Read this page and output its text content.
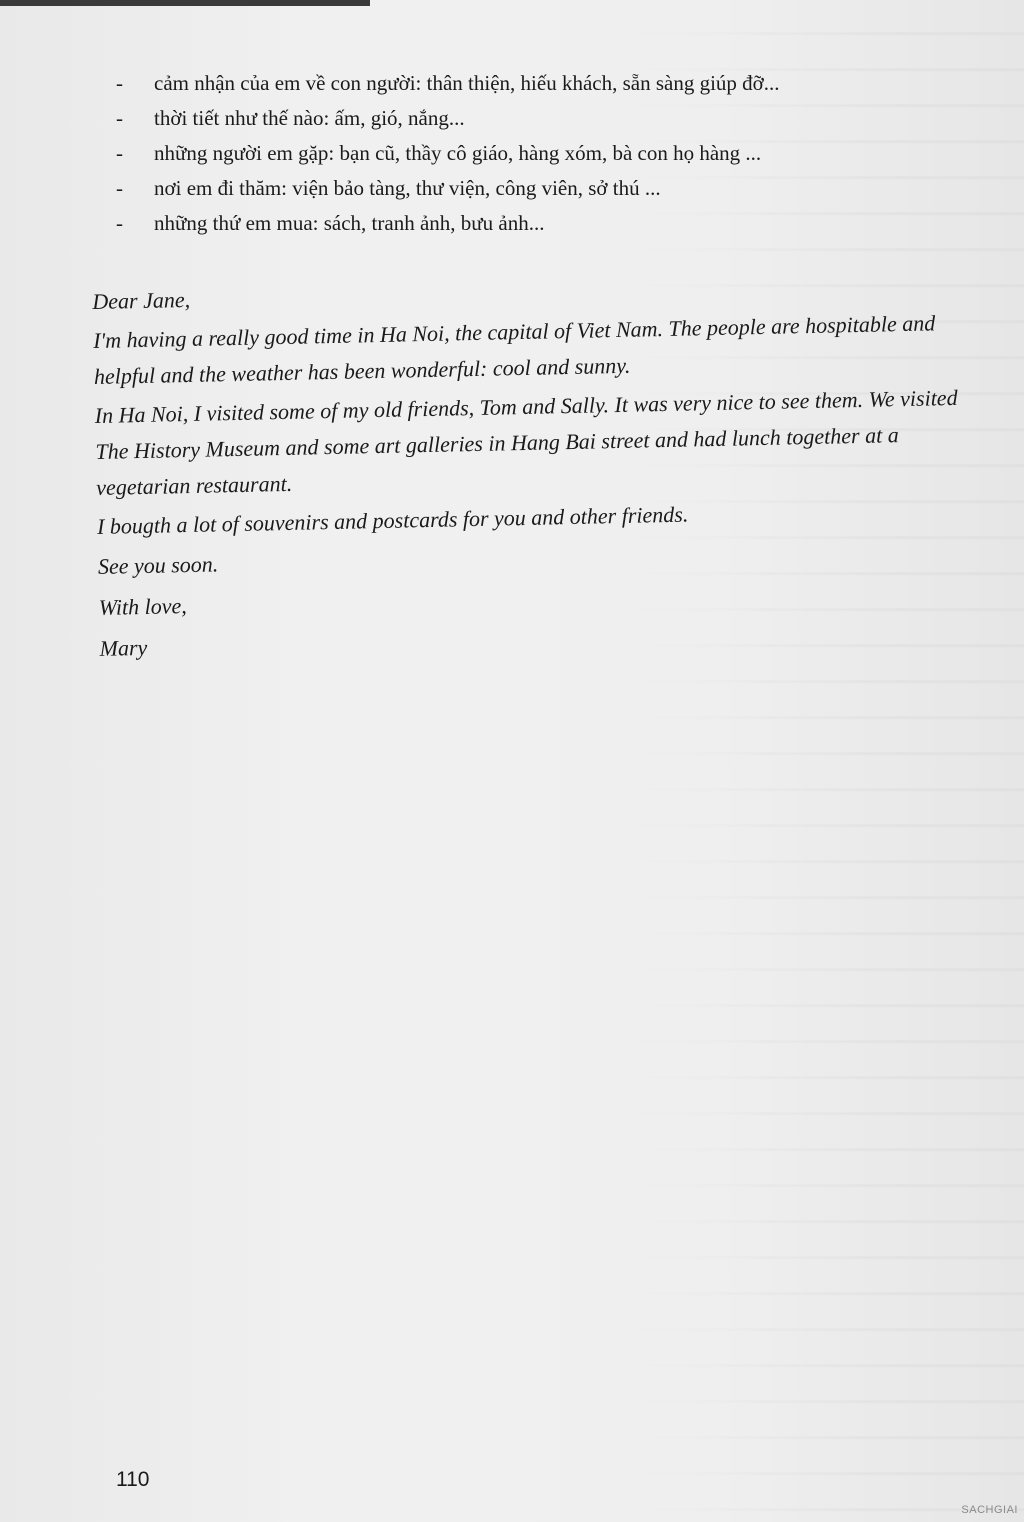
- cảm nhận của em về con người: thân thiện, hiếu khách, sẵn sàng giúp đỡ...
- thời tiết như thế nào: ấm, gió, nắng...
- những người em gặp: bạn cũ, thầy cô giáo, hàng xóm, bà con họ hàng ...
- nơi em đi thăm: viện bảo tàng, thư viện, công viên, sở thú ...
- những thứ em mua: sách, tranh ảnh, bưu ảnh...

Dear Jane,

I'm having a really good time in Ha Noi, the capital of Viet Nam. The people are hospitable and helpful and the weather has been wonderful: cool and sunny.

In Ha Noi, I visited some of my old friends, Tom and Sally. It was very nice to see them. We visited The History Museum and some art galleries in Hang Bai street and had lunch together at a vegetarian restaurant.

I bougth a lot of souvenirs and postcards for you and other friends.

See you soon.

With love,

Mary

110
SACHGIAI
